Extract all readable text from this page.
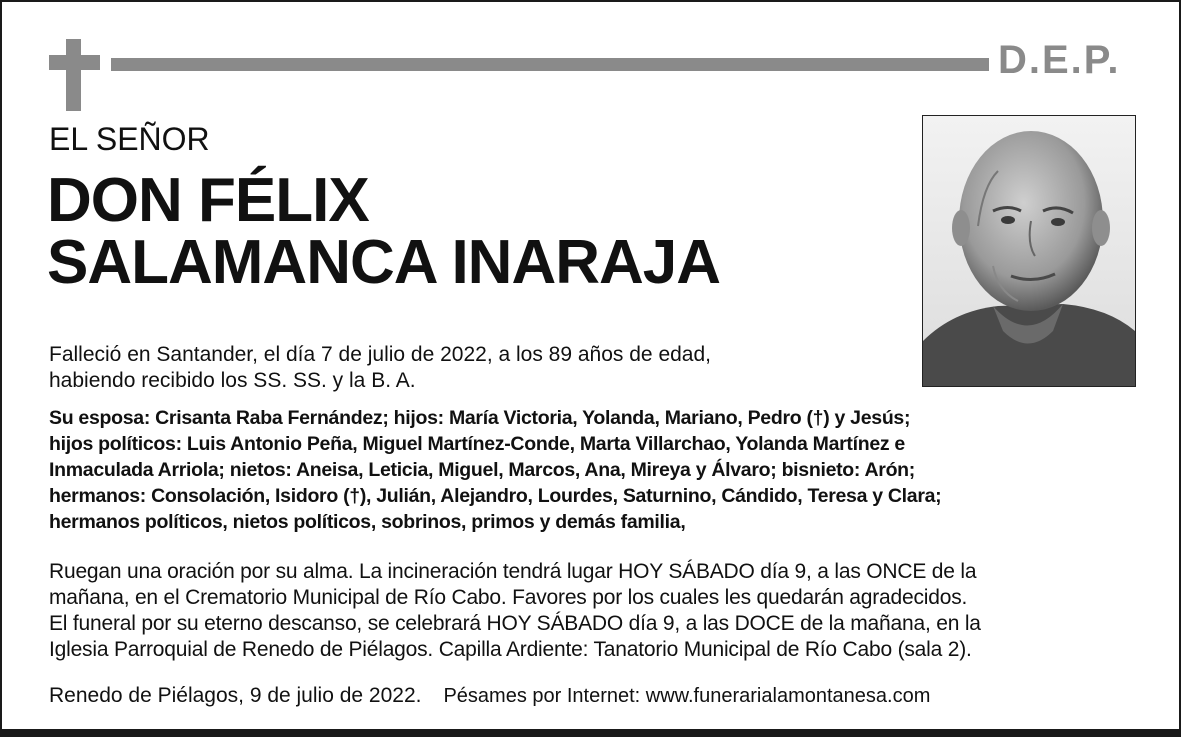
D.E.P.
EL SEÑOR
DON FÉLIX
SALAMANCA INARAJA
Falleció en Santander, el día 7 de julio de 2022, a los 89 años de edad,
habiendo recibido los SS. SS. y la B. A.
Su esposa: Crisanta Raba Fernández; hijos: María Victoria, Yolanda, Mariano, Pedro (†) y Jesús;
hijos políticos: Luis Antonio Peña, Miguel Martínez-Conde, Marta Villarchao, Yolanda Martínez e
Inmaculada Arriola; nietos: Aneisa, Leticia, Miguel, Marcos, Ana, Mireya y Álvaro; bisnieto: Arón;
hermanos: Consolación, Isidoro (†), Julián, Alejandro, Lourdes, Saturnino, Cándido, Teresa y Clara;
hermanos políticos, nietos políticos, sobrinos, primos y demás familia,
Ruegan una oración por su alma. La incineración tendrá lugar HOY SÁBADO día 9, a las ONCE de la
mañana, en el Crematorio Municipal de Río Cabo. Favores por los cuales les quedarán agradecidos.
El funeral por su eterno descanso, se celebrará HOY SÁBADO día 9, a las DOCE de la mañana, en la
Iglesia Parroquial de Renedo de Piélagos. Capilla Ardiente: Tanatorio Municipal de Río Cabo (sala 2).
Renedo de Piélagos, 9 de julio de 2022. Pésames por Internet: www.funerarialamontanesa.com
